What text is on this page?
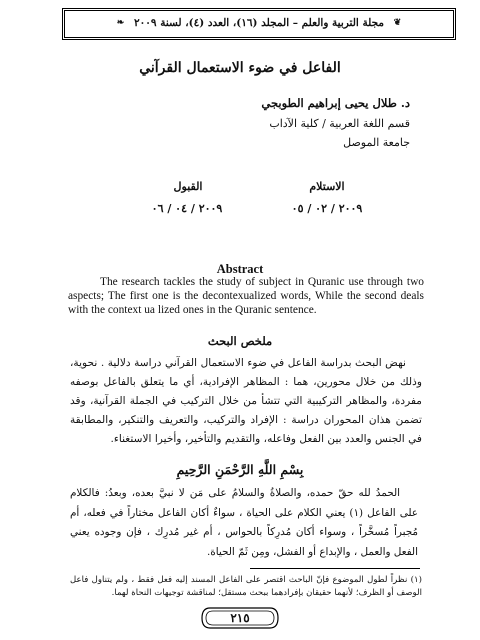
❧ مجلة التربية والعلم – المجلد (١٦)، العدد (٤)، لسنة ٢٠٠٩ ❦
الفاعل في ضوء الاستعمال القرآني
د. طلال يحيى إبراهيم الطوبجي
قسم اللغة العربية / كلية الآداب
جامعة الموصل
الاستلام
القبول
٢٠٠٩ / ٠٢ / ٠٥
٢٠٠٩ / ٠٤ / ٠٦
Abstract
The research tackles the study of subject in Quranic use through two aspects; The first one is the decontexualized words, While the second deals with the context ua lized ones in the Quranic sentence.
ملخص البحث
نهض البحث بدراسة الفاعل في ضوء الاستعمال القرآني دراسة دلالية . نحوية، وذلك من خلال محورين، هما : المظاهر الإفرادية، أي ما يتعلق بالفاعل بوصفه مفردة، والمظاهر التركيبية التي تتشأ من خلال التركيب في الجملة القرآنية، وقد تضمن هذان المحوران دراسة : الإفراد والتركيب، والتعريف والتنكير، والمطابقة في الجنس والعدد بين الفعل وفاعله، والتقديم والتأخير، وأخيرا الاستغناء.
بِسْمِ اللَّهِ الرَّحْمَنِ الرَّحِيمِ
الحمدُ لله حقّ حمده، والصلاةُ والسلامُ على مَن لا نبيَّ بعده، وبعدُ: فالكلام على الفاعل (١) يعني الكلام على الحياة ، سواءٌ أكان الفاعل مختاراً في فعله، أم مُجبراً مُسخَّراً ، وسواء أكان مُدرِكاً بالحواس ، أم غير مُدرِك ، فإن وجوده يعني الفعل والعمل ، والإبداع أو الفشل، ومِن ثَمّ الحياة.
(١) نظراً لطول الموضوع فإنّ الباحث اقتصر على الفاعل المسند إليه فعل فقط ، ولم يتناول فاعل الوصف أو الظرف؛ لأنهما حقيقان بإفرادهما ببحث مستقل؛ لمناقشة توجيهات النحاة لهما.
٢١٥
